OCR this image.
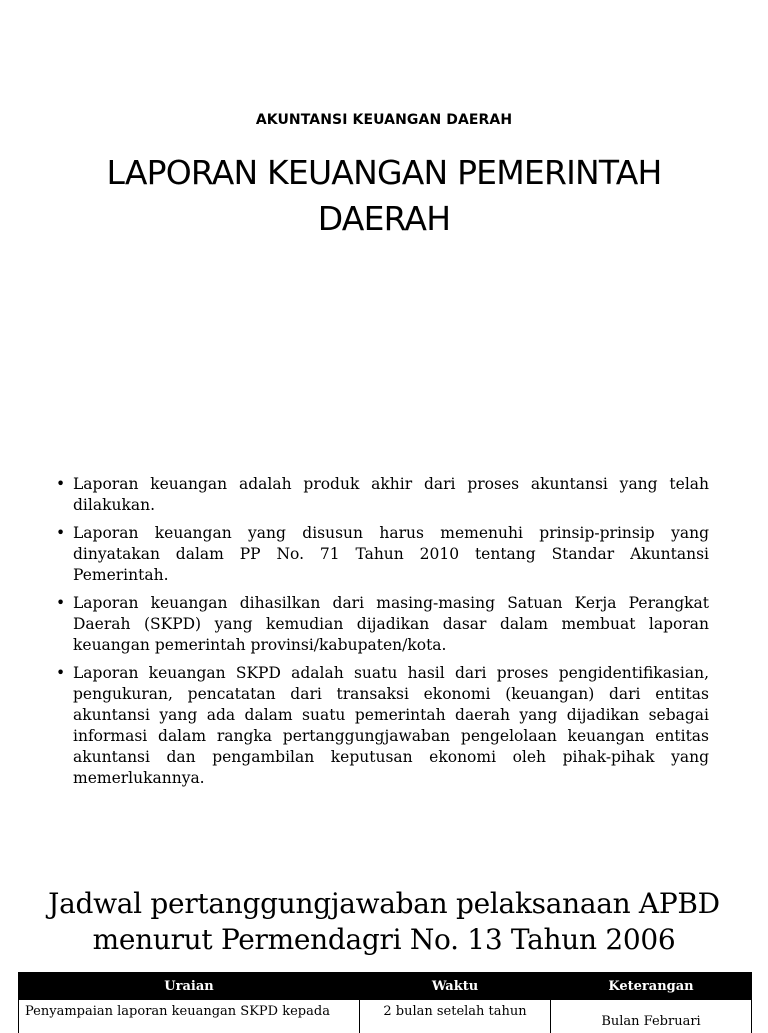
AKUNTANSI KEUANGAN DAERAH
LAPORAN KEUANGAN PEMERINTAH
DAERAH
• Laporan keuangan adalah produk akhir dari proses akuntansi yang telah dilakukan.
• Laporan keuangan yang disusun harus memenuhi prinsip-prinsip yang dinyatakan dalam PP No. 71 Tahun 2010 tentang Standar Akuntansi Pemerintah.
• Laporan keuangan dihasilkan dari masing-masing Satuan Kerja Perangkat Daerah (SKPD) yang kemudian dijadikan dasar dalam membuat laporan keuangan pemerintah provinsi/kabupaten/kota.
• Laporan keuangan SKPD adalah suatu hasil dari proses pengidentifikasian, pengukuran, pencatatan dari transaksi ekonomi (keuangan) dari entitas akuntansi yang ada dalam suatu pemerintah daerah yang dijadikan sebagai informasi dalam rangka pertanggungjawaban pengelolaan keuangan entitas akuntansi dan pengambilan keputusan ekonomi oleh pihak-pihak yang memerlukannya.
Jadwal pertanggungjawaban pelaksanaan APBD
menurut Permendagri No. 13 Tahun 2006
Uraian	Waktu	Keterangan
Penyampaian laporan keuangan SKPD kepada	2 bulan setelah tahun	Bulan Februari
